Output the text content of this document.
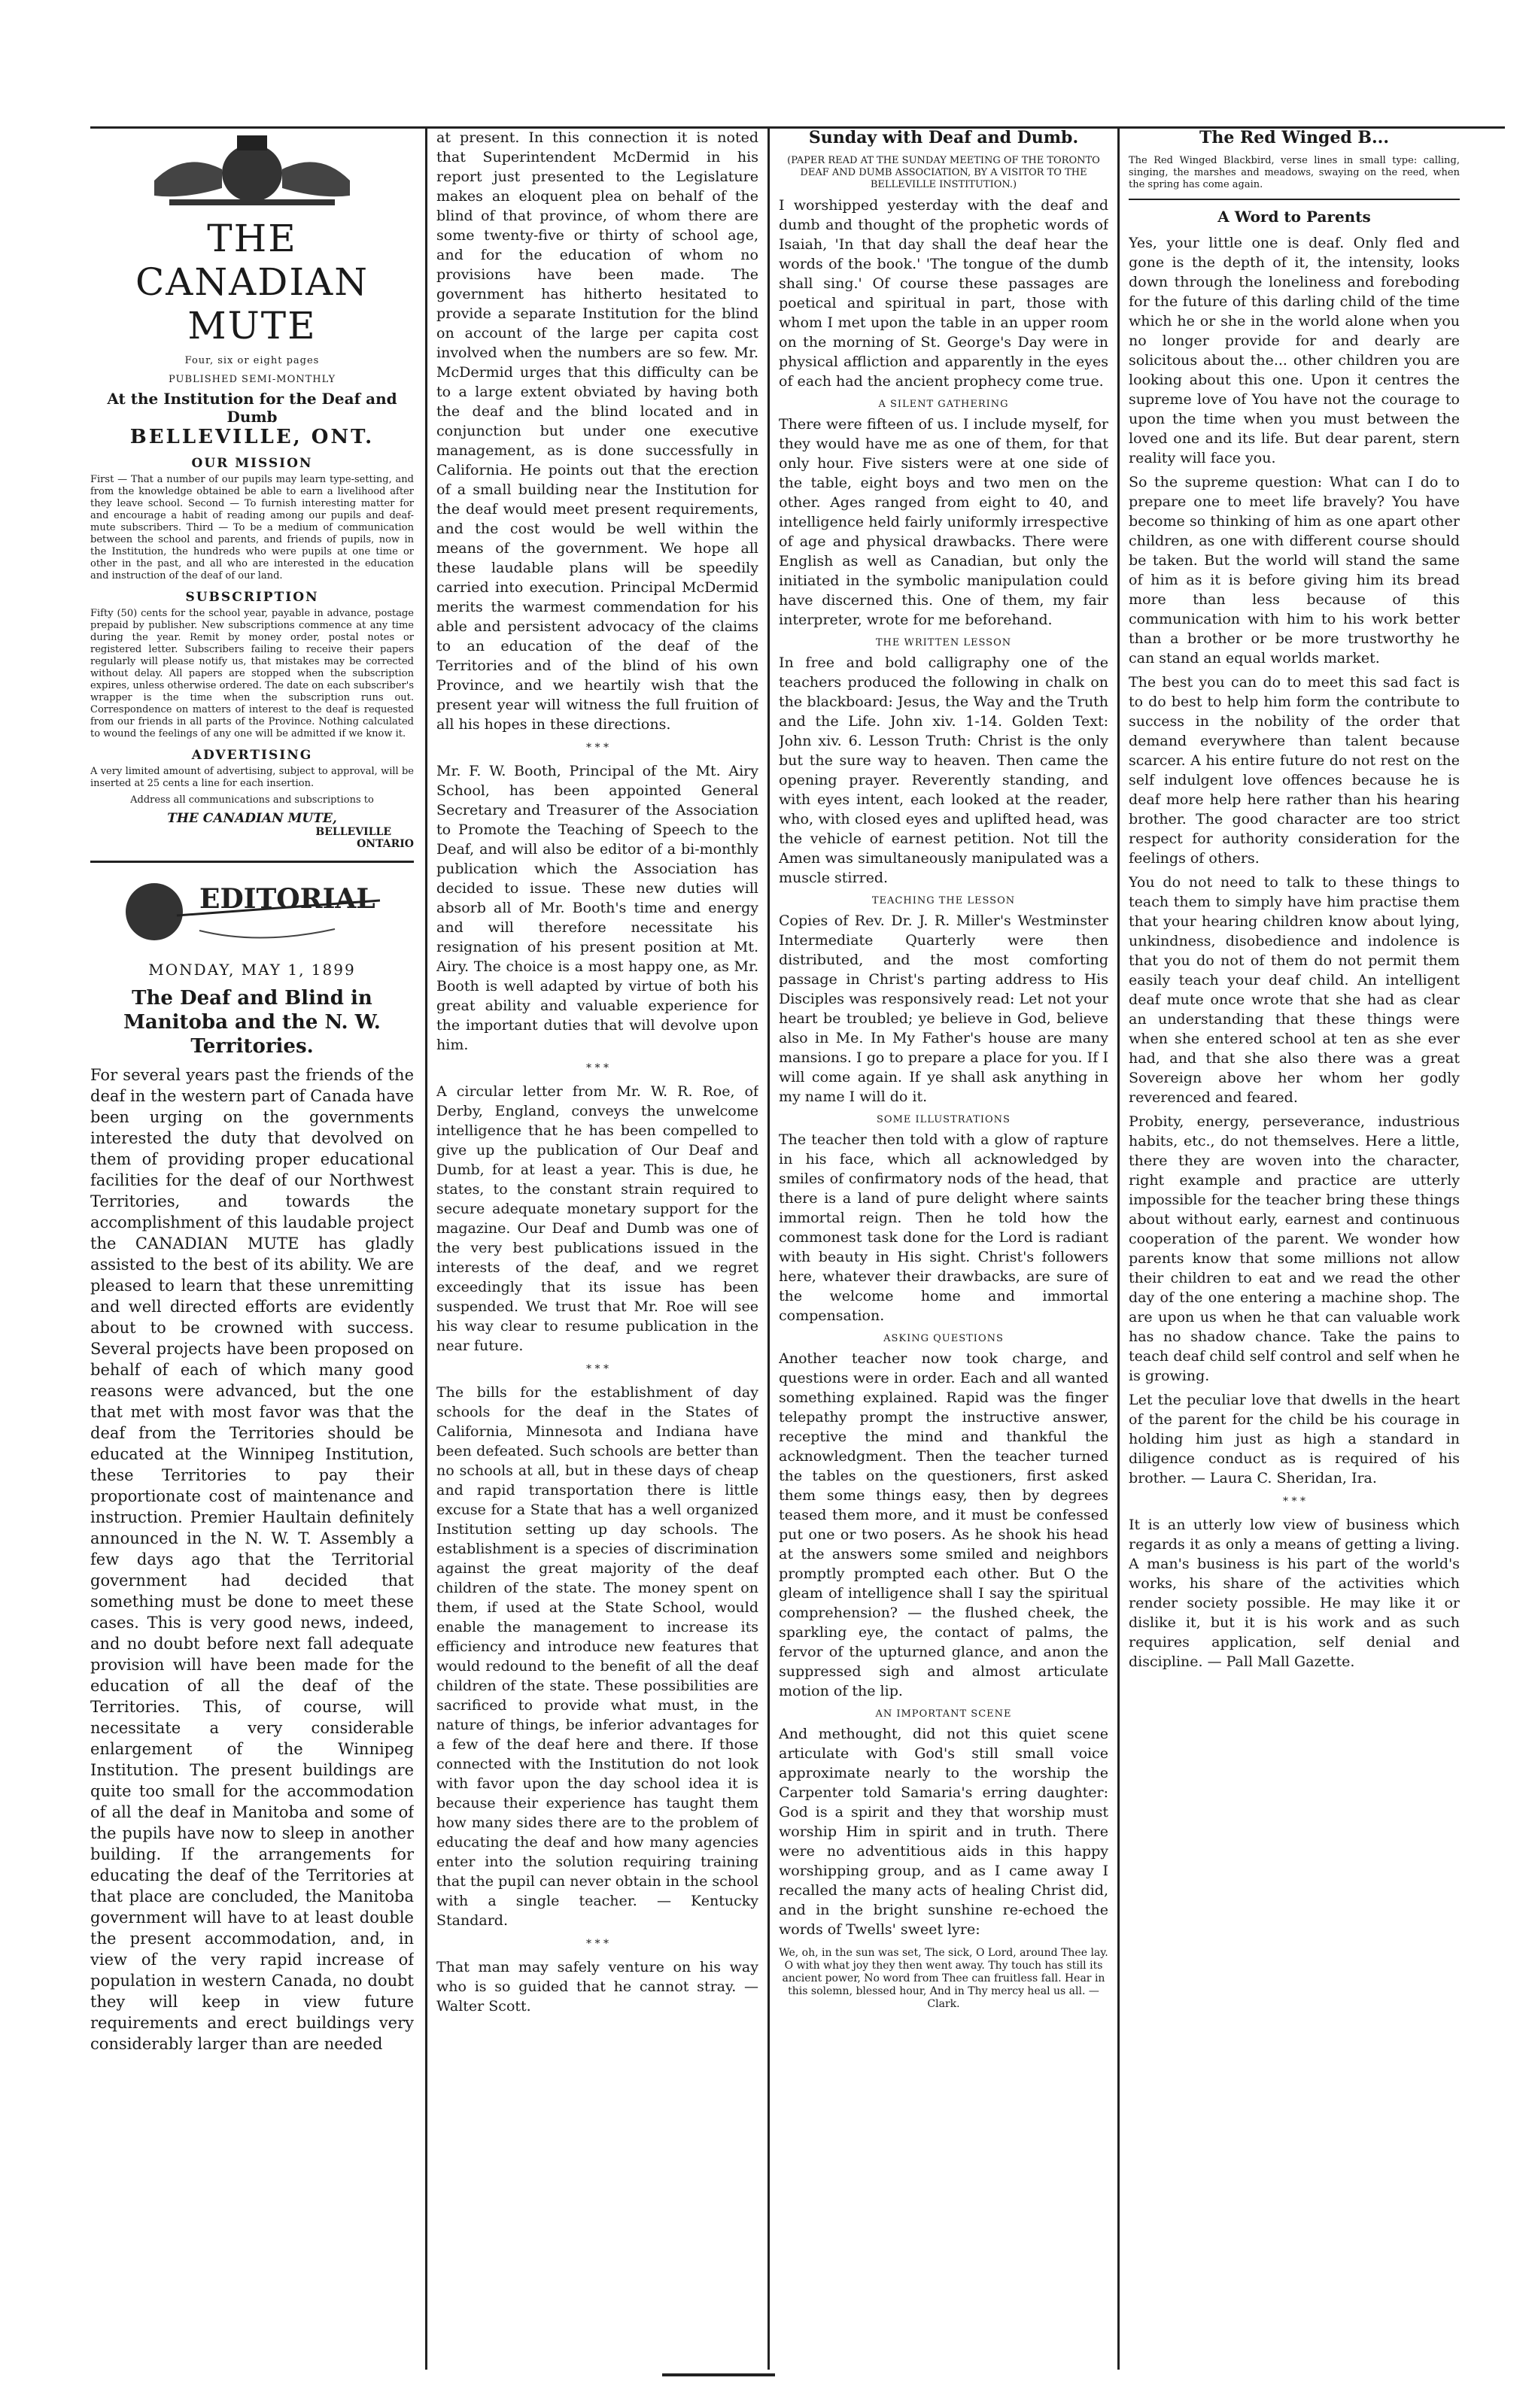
THE CANADIAN MUTE
Four, six or eight pages
PUBLISHED SEMI-MONTHLY
At the Institution for the Deaf and Dumb
BELLEVILLE, ONT.
OUR MISSION

First — That a number of our pupils may learn type-setting, and from the knowledge obtained be able to earn a livelihood after they leave school. Second — To furnish interesting matter for and encourage a habit of reading among our pupils and deaf-mute subscribers. Third — To be a medium of communication between the school and parents, and friends of pupils, now in the Institution, the hundreds who were pupils at one time or other in the past, and all who are interested in the education and instruction of the deaf of our land.

SUBSCRIPTION

Fifty (50) cents for the school year, payable in advance, postage prepaid by publisher. New subscriptions commence at any time during the year. Remit by money order, postal notes or registered letter. Subscribers failing to receive their papers regularly will please notify us, that mistakes may be corrected without delay. All papers are stopped when the subscription expires, unless otherwise ordered. The date on each subscriber's wrapper is the time when the subscription runs out. Correspondence on matters of interest to the deaf is requested from our friends in all parts of the Province. Nothing calculated to wound the feelings of any one will be admitted if we know it.

ADVERTISING

A very limited amount of advertising, subject to approval, will be inserted at 25 cents a line for each insertion.

Address all communications and subscriptions to

THE CANADIAN MUTE,
BELLEVILLE
ONTARIO
EDITORIAL
MONDAY, MAY 1, 1899
The Deaf and Blind in Manitoba and the N. W. Territories.

For several years past the friends of the deaf in the western part of Canada have been urging on the governments interested the duty that devolved on them of providing proper educational facilities for the deaf of our Northwest Territories, and towards the accomplishment of this laudable project the CANADIAN MUTE has gladly assisted to the best of its ability. We are pleased to learn that these unremitting and well directed efforts are evidently about to be crowned with success. Several projects have been proposed on behalf of each of which many good reasons were advanced, but the one that met with most favor was that the deaf from the Territories should be educated at the Winnipeg Institution, these Territories to pay their proportionate cost of maintenance and instruction. Premier Haultain definitely announced in the N. W. T. Assembly a few days ago that the Territorial government had decided that something must be done to meet these cases. This is very good news, indeed, and no doubt before next fall adequate provision will have been made for the education of all the deaf of the Territories. This, of course, will necessitate a very considerable enlargement of the Winnipeg Institution. The present buildings are quite too small for the accommodation of all the deaf in Manitoba and some of the pupils have now to sleep in another building. If the arrangements for educating the deaf of the Territories at that place are concluded, the Manitoba government will have to at least double the present accommodation, and, in view of the very rapid increase of population in western Canada, no doubt they will keep in view future requirements and erect buildings very considerably larger than are needed

at present. In this connection it is noted that Superintendent McDermid in his report just presented to the Legislature makes an eloquent plea on behalf of the blind of that province, of whom there are some twenty-five or thirty of school age, and for the education of whom no provisions have been made. The government has hitherto hesitated to provide a separate Institution for the blind on account of the large per capita cost involved when the numbers are so few. Mr. McDermid urges that this difficulty can be to a large extent obviated by having both the deaf and the blind located and in conjunction but under one executive management, as is done successfully in California. He points out that the erection of a small building near the Institution for the deaf would meet present requirements, and the cost would be well within the means of the government. We hope all these laudable plans will be speedily carried into execution. Principal McDermid merits the warmest commendation for his able and persistent advocacy of the claims to an education of the deaf of the Territories and of the blind of his own Province, and we heartily wish that the present year will witness the full fruition of all his hopes in these directions.

* * *

Mr. F. W. Booth, Principal of the Mt. Airy School, has been appointed General Secretary and Treasurer of the Association to Promote the Teaching of Speech to the Deaf, and will also be editor of a bi-monthly publication which the Association has decided to issue. These new duties will absorb all of Mr. Booth's time and energy and will therefore necessitate his resignation of his present position at Mt. Airy. The choice is a most happy one, as Mr. Booth is well adapted by virtue of both his great ability and valuable experience for the important duties that will devolve upon him.

* * *

A circular letter from Mr. W. R. Roe, of Derby, England, conveys the unwelcome intelligence that he has been compelled to give up the publication of Our Deaf and Dumb, for at least a year. This is due, he states, to the constant strain required to secure adequate monetary support for the magazine. Our Deaf and Dumb was one of the very best publications issued in the interests of the deaf, and we regret exceedingly that its issue has been suspended. We trust that Mr. Roe will see his way clear to resume publication in the near future.

* * *

The bills for the establishment of day schools for the deaf in the States of California, Minnesota and Indiana have been defeated. Such schools are better than no schools at all, but in these days of cheap and rapid transportation there is little excuse for a State that has a well organized Institution setting up day schools. The establishment is a species of discrimination against the great majority of the deaf children of the state. The money spent on them, if used at the State School, would enable the management to increase its efficiency and introduce new features that would redound to the benefit of all the deaf children of the state. These possibilities are sacrificed to provide what must, in the nature of things, be inferior advantages for a few of the deaf here and there. If those connected with the Institution do not look with favor upon the day school idea it is because their experience has taught them how many sides there are to the problem of educating the deaf and how many agencies enter into the solution requiring training that the pupil can never obtain in the school with a single teacher. — Kentucky Standard.

* * *

That man may safely venture on his way who is so guided that he cannot stray. — Walter Scott.

Sunday with Deaf and Dumb.

(PAPER READ AT THE SUNDAY MEETING OF THE TORONTO DEAF AND DUMB ASSOCIATION, BY A VISITOR TO THE BELLEVILLE INSTITUTION.)

I worshipped yesterday with the deaf and dumb and thought of the prophetic words of Isaiah, 'In that day shall the deaf hear the words of the book.' 'The tongue of the dumb shall sing.' Of course these passages are poetical and spiritual in part, those with whom I met upon the table in an upper room on the morning of St. George's Day were in physical affliction and apparently in the eyes of each had the ancient prophecy come true.

A SILENT GATHERING

There were fifteen of us. I include myself, for they would have me as one of them, for that only hour. Five sisters were at one side of the table, eight boys and two men on the other. Ages ranged from eight to 40, and intelligence held fairly uniformly irrespective of age and physical drawbacks. There were English as well as Canadian, but only the initiated in the symbolic manipulation could have discerned this. One of them, my fair interpreter, wrote for me beforehand.

THE WRITTEN LESSON

In free and bold calligraphy one of the teachers produced the following in chalk on the blackboard: Jesus, the Way and the Truth and the Life. John xiv. 1-14. Golden Text: John xiv. 6. Lesson Truth: Christ is the only but the sure way to heaven. Then came the opening prayer. Reverently standing, and with eyes intent, each looked at the reader, who, with closed eyes and uplifted head, was the vehicle of earnest petition. Not till the Amen was simultaneously manipulated was a muscle stirred.

TEACHING THE LESSON

Copies of Rev. Dr. J. R. Miller's Westminster Intermediate Quarterly were then distributed, and the most comforting passage in Christ's parting address to His Disciples was responsively read: Let not your heart be troubled; ye believe in God, believe also in Me. In My Father's house are many mansions. I go to prepare a place for you. If I will come again. If ye shall ask anything in my name I will do it.

SOME ILLUSTRATIONS

The teacher then told with a glow of rapture in his face, which all acknowledged by smiles of confirmatory nods of the head, that there is a land of pure delight where saints immortal reign. Then he told how the commonest task done for the Lord is radiant with beauty in His sight. Christ's followers here, whatever their drawbacks, are sure of the welcome home and immortal compensation.

ASKING QUESTIONS

Another teacher now took charge, and questions were in order. Each and all wanted something explained. Rapid was the finger telepathy prompt the instructive answer, receptive the mind and thankful the acknowledgment. Then the teacher turned the tables on the questioners, first asked them some things easy, then by degrees teased them more, and it must be confessed put one or two posers. As he shook his head at the answers some smiled and neighbors promptly prompted each other. But O the gleam of intelligence shall I say the spiritual comprehension? — the flushed cheek, the sparkling eye, the contact of palms, the fervor of the upturned glance, and anon the suppressed sigh and almost articulate motion of the lip.

AN IMPORTANT SCENE

And methought, did not this quiet scene articulate with God's still small voice approximate nearly to the worship the Carpenter told Samaria's erring daughter: God is a spirit and they that worship must worship Him in spirit and in truth. There were no adventitious aids in this happy worshipping group, and as I came away I recalled the many acts of healing Christ did, and in the bright sunshine re-echoed the words of Twells' sweet lyre:

We, oh, in the sun was set, The sick, O Lord, around Thee lay. O with what joy they then went away. Thy touch has still its ancient power, No word from Thee can fruitless fall. Hear in this solemn, blessed hour, And in Thy mercy heal us all. — Clark.

The Red Winged B...

The Red Winged Blackbird, verse lines in small type: calling, singing, the marshes and meadows, swaying on the reed, when the spring has come again.

A Word to Parents

Yes, your little one is deaf. Only fled and gone is the depth of it, the intensity, looks down through the loneliness and foreboding for the future of this darling child of the time which he or she in the world alone when you no longer provide for and dearly are solicitous about the... other children you are looking about this one. Upon it centres the supreme love of You have not the courage to upon the time when you must between the loved one and its life. But dear parent, stern reality will face you.

So the supreme question: What can I do to prepare one to meet life bravely? You have become so thinking of him as one apart other children, as one with different course should be taken. But the world will stand the same of him as it is before giving him its bread more than less because of this communication with him to his work better than a brother or be more trustworthy he can stand an equal worlds market.

The best you can do to meet this sad fact is to do best to help him form the contribute to success in the nobility of the order that demand everywhere than talent because scarcer. A his entire future do not rest on the self indulgent love offences because he is deaf more help here rather than his hearing brother. The good character are too strict respect for authority consideration for the feelings of others.

You do not need to talk to these things to teach them to simply have him practise them that your hearing children know about lying, unkindness, disobedience and indolence is that you do not of them do not permit them easily teach your deaf child. An intelligent deaf mute once wrote that she had as clear an understanding that these things were when she entered school at ten as she ever had, and that she also there was a great Sovereign above her whom her godly reverenced and feared.

Probity, energy, perseverance, industrious habits, etc., do not themselves. Here a little, there they are woven into the character, right example and practice are utterly impossible for the teacher bring these things about without early, earnest and continuous cooperation of the parent. We wonder how parents know that some millions not allow their children to eat and we read the other day of the one entering a machine shop. The are upon us when he that can valuable work has no shadow chance. Take the pains to teach deaf child self control and self when he is growing.

Let the peculiar love that dwells in the heart of the parent for the child be his courage in holding him just as high a standard in diligence conduct as is required of his brother. — Laura C. Sheridan, Ira.

* * *

It is an utterly low view of business which regards it as only a means of getting a living. A man's business is his part of the world's works, his share of the activities which render society possible. He may like it or dislike it, but it is his work and as such requires application, self denial and discipline. — Pall Mall Gazette.
